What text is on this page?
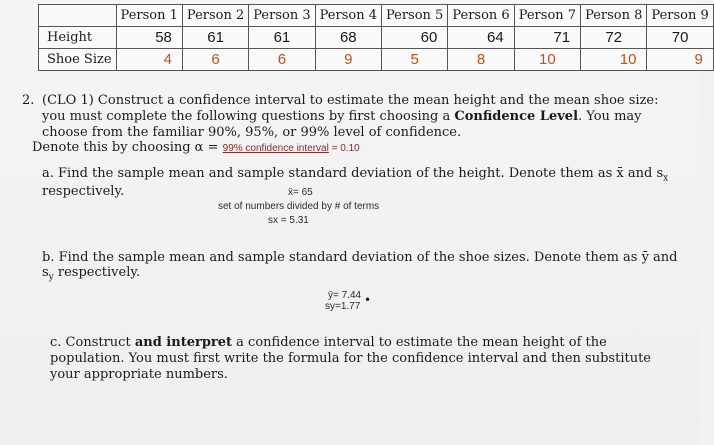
	Person 1	Person 2	Person 3	Person 4	Person 5	Person 6	Person 7	Person 8	Person 9
Height	58	61	61	68	60	64	71	72	70
Shoe Size	4	6	6	9	5	8	10	10	9
2. (CLO 1) Construct a confidence interval to estimate the mean height and the mean shoe size: you must complete the following questions by first choosing a Confidence Level. You may choose from the familiar 90%, 95%, or 99% level of confidence.
Denote this by choosing α = 99% confidence interval = 0.10
a. Find the sample mean and sample standard deviation of the height. Denote them as x̄ and $s_x$ respectively.	x̄= 65
set of numbers divided by # of terms
sx = 5.31
b. Find the sample mean and sample standard deviation of the shoe sizes. Denote them as ȳ and $s_y$ respectively.
ȳ= 7.44
sy=1.77 •
c. Construct and interpret a confidence interval to estimate the mean height of the population. You must first write the formula for the confidence interval and then substitute your appropriate numbers.
